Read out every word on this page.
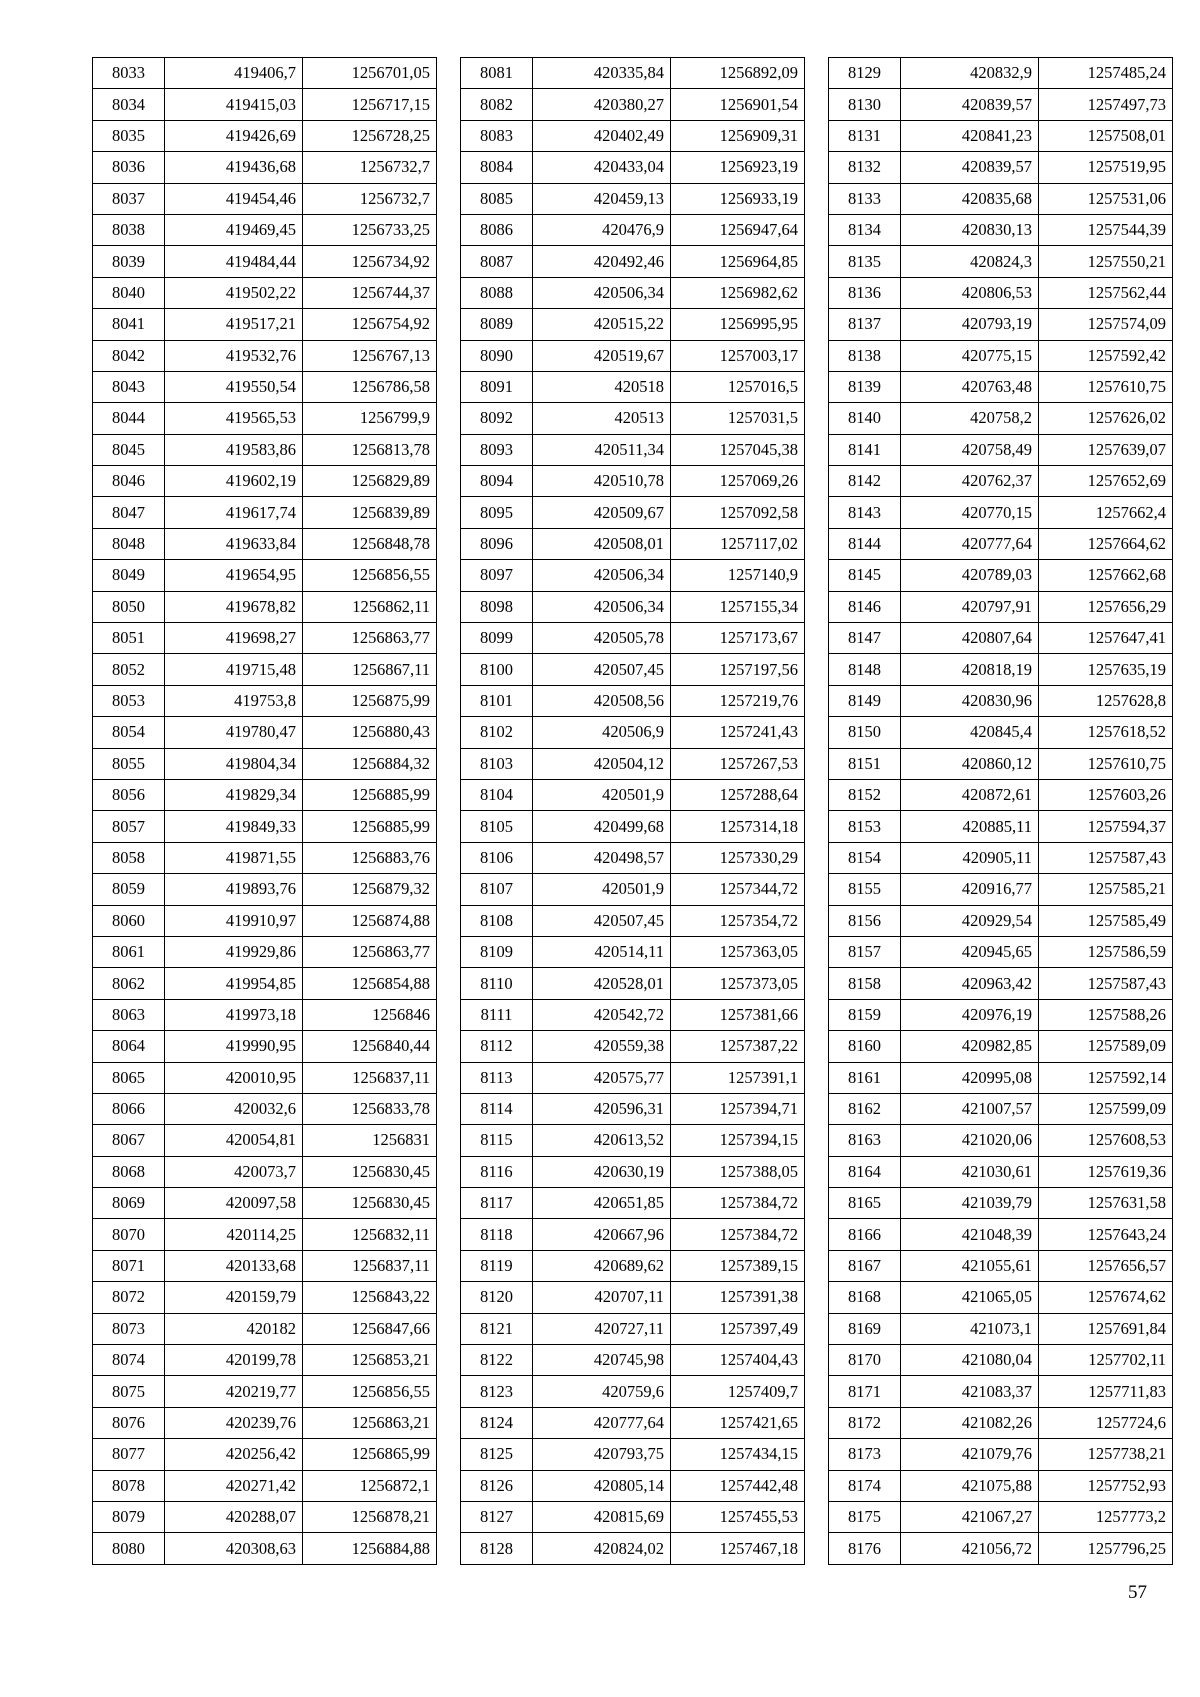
8033	419406,7	1256701,05
8034	419415,03	1256717,15
8035	419426,69	1256728,25
8036	419436,68	1256732,7
8037	419454,46	1256732,7
8038	419469,45	1256733,25
8039	419484,44	1256734,92
8040	419502,22	1256744,37
8041	419517,21	1256754,92
8042	419532,76	1256767,13
8043	419550,54	1256786,58
8044	419565,53	1256799,9
8045	419583,86	1256813,78
8046	419602,19	1256829,89
8047	419617,74	1256839,89
8048	419633,84	1256848,78
8049	419654,95	1256856,55
8050	419678,82	1256862,11
8051	419698,27	1256863,77
8052	419715,48	1256867,11
8053	419753,8	1256875,99
8054	419780,47	1256880,43
8055	419804,34	1256884,32
8056	419829,34	1256885,99
8057	419849,33	1256885,99
8058	419871,55	1256883,76
8059	419893,76	1256879,32
8060	419910,97	1256874,88
8061	419929,86	1256863,77
8062	419954,85	1256854,88
8063	419973,18	1256846
8064	419990,95	1256840,44
8065	420010,95	1256837,11
8066	420032,6	1256833,78
8067	420054,81	1256831
8068	420073,7	1256830,45
8069	420097,58	1256830,45
8070	420114,25	1256832,11
8071	420133,68	1256837,11
8072	420159,79	1256843,22
8073	420182	1256847,66
8074	420199,78	1256853,21
8075	420219,77	1256856,55
8076	420239,76	1256863,21
8077	420256,42	1256865,99
8078	420271,42	1256872,1
8079	420288,07	1256878,21
8080	420308,63	1256884,88
8081	420335,84	1256892,09
8082	420380,27	1256901,54
8083	420402,49	1256909,31
8084	420433,04	1256923,19
8085	420459,13	1256933,19
8086	420476,9	1256947,64
8087	420492,46	1256964,85
8088	420506,34	1256982,62
8089	420515,22	1256995,95
8090	420519,67	1257003,17
8091	420518	1257016,5
8092	420513	1257031,5
8093	420511,34	1257045,38
8094	420510,78	1257069,26
8095	420509,67	1257092,58
8096	420508,01	1257117,02
8097	420506,34	1257140,9
8098	420506,34	1257155,34
8099	420505,78	1257173,67
8100	420507,45	1257197,56
8101	420508,56	1257219,76
8102	420506,9	1257241,43
8103	420504,12	1257267,53
8104	420501,9	1257288,64
8105	420499,68	1257314,18
8106	420498,57	1257330,29
8107	420501,9	1257344,72
8108	420507,45	1257354,72
8109	420514,11	1257363,05
8110	420528,01	1257373,05
8111	420542,72	1257381,66
8112	420559,38	1257387,22
8113	420575,77	1257391,1
8114	420596,31	1257394,71
8115	420613,52	1257394,15
8116	420630,19	1257388,05
8117	420651,85	1257384,72
8118	420667,96	1257384,72
8119	420689,62	1257389,15
8120	420707,11	1257391,38
8121	420727,11	1257397,49
8122	420745,98	1257404,43
8123	420759,6	1257409,7
8124	420777,64	1257421,65
8125	420793,75	1257434,15
8126	420805,14	1257442,48
8127	420815,69	1257455,53
8128	420824,02	1257467,18
8129	420832,9	1257485,24
8130	420839,57	1257497,73
8131	420841,23	1257508,01
8132	420839,57	1257519,95
8133	420835,68	1257531,06
8134	420830,13	1257544,39
8135	420824,3	1257550,21
8136	420806,53	1257562,44
8137	420793,19	1257574,09
8138	420775,15	1257592,42
8139	420763,48	1257610,75
8140	420758,2	1257626,02
8141	420758,49	1257639,07
8142	420762,37	1257652,69
8143	420770,15	1257662,4
8144	420777,64	1257664,62
8145	420789,03	1257662,68
8146	420797,91	1257656,29
8147	420807,64	1257647,41
8148	420818,19	1257635,19
8149	420830,96	1257628,8
8150	420845,4	1257618,52
8151	420860,12	1257610,75
8152	420872,61	1257603,26
8153	420885,11	1257594,37
8154	420905,11	1257587,43
8155	420916,77	1257585,21
8156	420929,54	1257585,49
8157	420945,65	1257586,59
8158	420963,42	1257587,43
8159	420976,19	1257588,26
8160	420982,85	1257589,09
8161	420995,08	1257592,14
8162	421007,57	1257599,09
8163	421020,06	1257608,53
8164	421030,61	1257619,36
8165	421039,79	1257631,58
8166	421048,39	1257643,24
8167	421055,61	1257656,57
8168	421065,05	1257674,62
8169	421073,1	1257691,84
8170	421080,04	1257702,11
8171	421083,37	1257711,83
8172	421082,26	1257724,6
8173	421079,76	1257738,21
8174	421075,88	1257752,93
8175	421067,27	1257773,2
8176	421056,72	1257796,25
57
